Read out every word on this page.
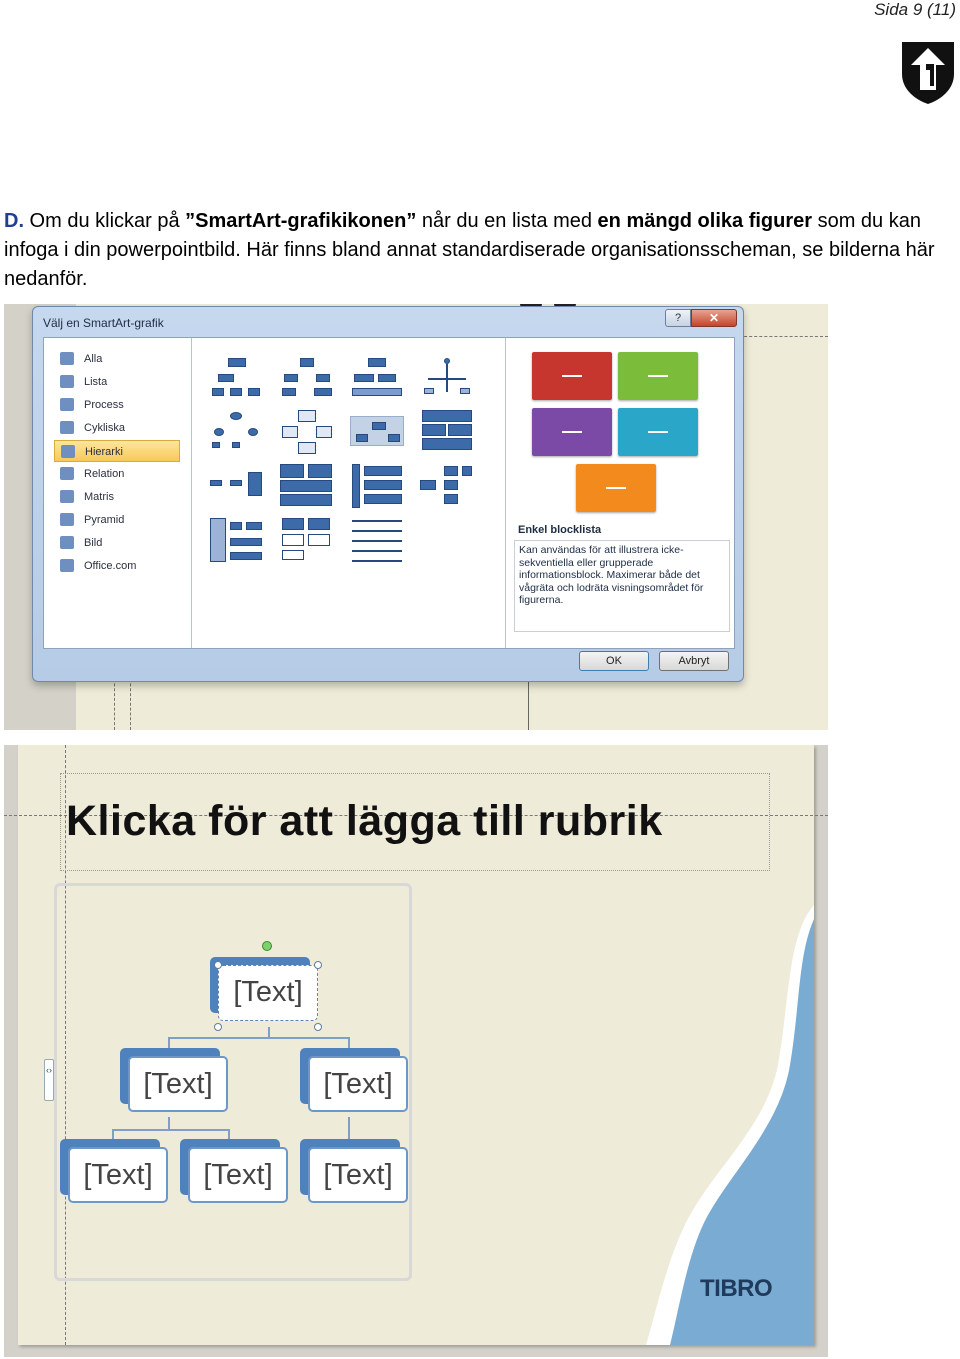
Sida 9 (11)
D. Om du klickar på ”SmartArt-grafikikonen” når du en lista med en mängd olika figurer som du kan infoga i din powerpointbild. Här finns bland annat standardiserade organisationsscheman, se bilderna här nedanför.
Välj en SmartArt-grafik	?	✕
Alla
Lista
Process
Cykliska
Hierarki
Relation
Matris
Pyramid
Bild
Office.com
Enkel blocklista
Kan användas för att illustrera icke-sekventiella eller grupperade informationsblock. Maximerar både det vågräta och lodräta visningsområdet för figurerna.
OK	Avbryt
Klicka för att lägga till rubrik
‹›
[Text]
[Text]	[Text]
[Text]	[Text]	[Text]
TIBRO
